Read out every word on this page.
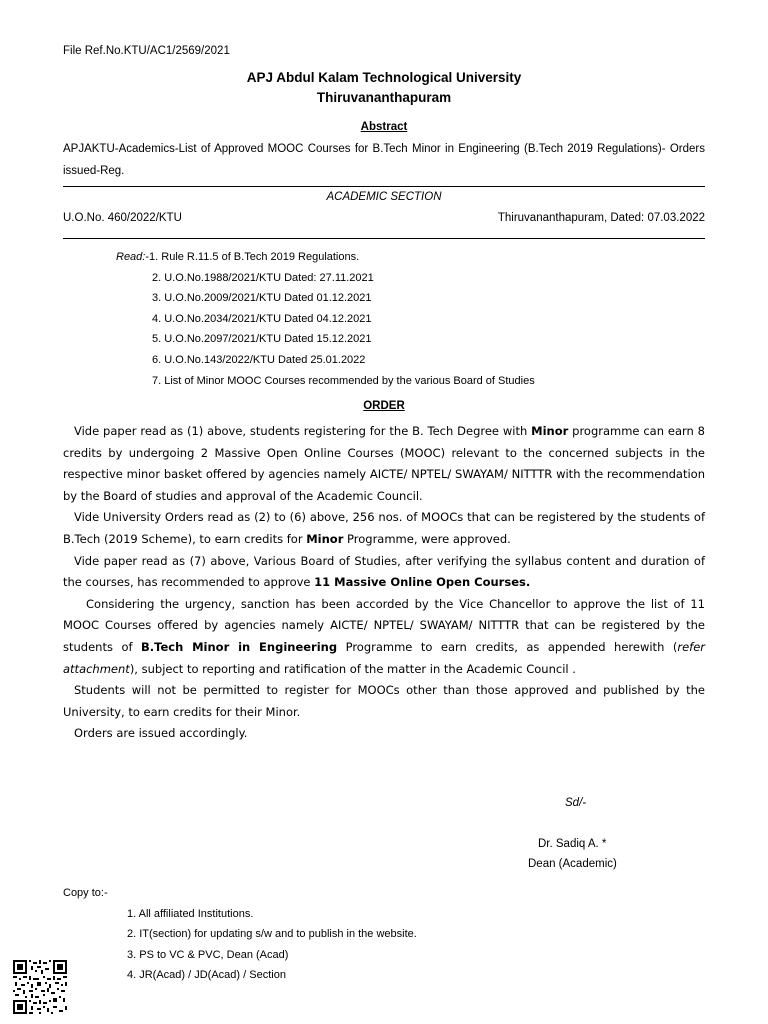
File Ref.No.KTU/AC1/2569/2021
APJ Abdul Kalam Technological University
Thiruvananthapuram
Abstract
APJAKTU-Academics-List of Approved MOOC Courses for B.Tech Minor in Engineering (B.Tech 2019 Regulations)- Orders issued-Reg.
ACADEMIC SECTION
U.O.No. 460/2022/KTU	Thiruvananthapuram, Dated: 07.03.2022
Read:-1. Rule R.11.5 of B.Tech 2019 Regulations.
2. U.O.No.1988/2021/KTU Dated: 27.11.2021
3. U.O.No.2009/2021/KTU Dated 01.12.2021
4. U.O.No.2034/2021/KTU Dated 04.12.2021
5. U.O.No.2097/2021/KTU Dated 15.12.2021
6. U.O.No.143/2022/KTU Dated 25.01.2022
7. List of Minor MOOC Courses recommended by the various Board of Studies
ORDER

Vide paper read as (1) above, students registering for the B. Tech Degree with Minor programme can earn 8 credits by undergoing 2 Massive Open Online Courses (MOOC) relevant to the concerned subjects in the respective minor basket offered by agencies namely AICTE/ NPTEL/ SWAYAM/ NITTTR with the recommendation by the Board of studies and approval of the Academic Council.

Vide University Orders read as (2) to (6) above, 256 nos. of MOOCs that can be registered by the students of B.Tech (2019 Scheme), to earn credits for Minor Programme, were approved.

Vide paper read as (7) above, Various Board of Studies, after verifying the syllabus content and duration of the courses, has recommended to approve 11 Massive Online Open Courses.

Considering the urgency, sanction has been accorded by the Vice Chancellor to approve the list of 11 MOOC Courses offered by agencies namely AICTE/ NPTEL/ SWAYAM/ NITTTR that can be registered by the students of B.Tech Minor in Engineering Programme to earn credits, as appended herewith (refer attachment), subject to reporting and ratification of the matter in the Academic Council .

Students will not be permitted to register for MOOCs other than those approved and published by the University, to earn credits for their Minor.

Orders are issued accordingly.

Sd/-
Dr. Sadiq A. *
Dean (Academic)
Copy to:-
1. All affiliated Institutions.
2. IT(section) for updating s/w and to publish in the website.
3. PS to VC & PVC, Dean (Acad)
4. JR(Acad) / JD(Acad) / Section
